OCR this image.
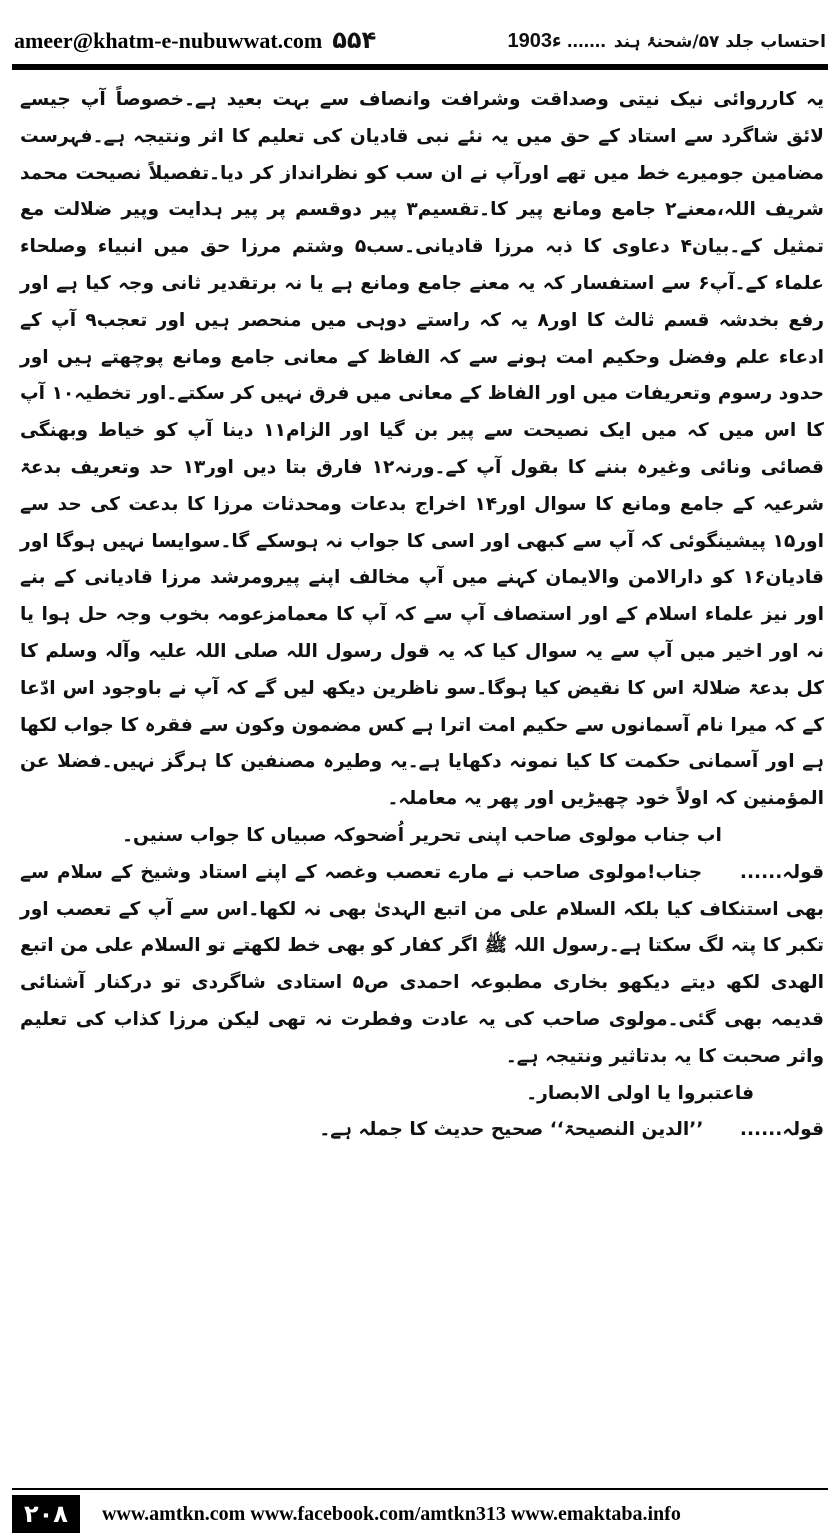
ameer@khatm-e-nubuwwat.com ۵۵۴	احتساب جلد ۵۷/شحنۂ ہند
1903ء .......

یہ کارروائی نیک نیتی وصداقت وشرافت وانصاف سے بہت بعید ہے۔خصوصاً آپ جیسے لائق شاگرد سے استاد کے حق میں یہ نئے نبی قادیان کی تعلیم کا اثر ونتیجہ ہے۔فہرست مضامین جومیرے خط میں تھے اورآپ نے ان سب کو نظرانداز کر دیا۔تفصیلاً نصیحت محمد شریف اللہ،معنے۲ جامع ومانع پیر کا۔تقسیم۳ پیر دوقسم پر پیر ہدایت وپیر ضلالت مع تمثیل کے۔بیان۴ دعاوی کا ذبہ مرزا قادیانی۔سب۵ وشتم مرزا حق میں انبیاء وصلحاء علماء کے۔آپ۶ سے استفسار کہ یہ معنے جامع ومانع ہے یا نہ برتقدیر ثانی وجہ کیا ہے اور رفع بخدشہ قسم ثالث کا اور۸ یہ کہ راستے دوہی میں منحصر ہیں اور تعجب۹ آپ کے ادعاء علم وفضل وحکیم امت ہونے سے کہ الفاظ کے معانی جامع ومانع پوچھتے ہیں اور حدود رسوم وتعریفات میں اور الفاظ کے معانی میں فرق نہیں کر سکتے۔اور تخطیہ۱۰ آپ کا اس میں کہ میں ایک نصیحت سے پیر بن گیا اور الزام۱۱ دینا آپ کو خیاط وبھنگی قصائی ونائی وغیرہ بننے کا بقول آپ کے۔ورنہ۱۲ فارق بتا دیں اور۱۳ حد وتعریف بدعۃ شرعیہ کے جامع ومانع کا سوال اور۱۴ اخراج بدعات ومحدثات مرزا کا بدعت کی حد سے اور۱۵ پیشینگوئی کہ آپ سے کبھی اور اسی کا جواب نہ ہوسکے گا۔سوایسا نہیں ہوگا اور قادیان۱۶ کو دارالامن والایمان کہنے میں آپ مخالف اپنے پیرومرشد مرزا قادیانی کے بنے اور نیز علماء اسلام کے اور استصاف آپ سے کہ آپ کا معمامزعومہ بخوب وجہ حل ہوا یا نہ اور اخیر میں آپ سے یہ سوال کیا کہ یہ قول رسول اللہ صلی اللہ علیہ وآلہ وسلم کا کل بدعۃ ضلالۃ اس کا نقیض کیا ہوگا۔سو ناظرین دیکھ لیں گے کہ آپ نے باوجود اس ادّعا کے کہ میرا نام آسمانوں سے حکیم امت اترا ہے کس مضمون وکون سے فقرہ کا جواب لکھا ہے اور آسمانی حکمت کا کیا نمونہ دکھایا ہے۔یہ وطیرہ مصنفین کا ہرگز نہیں۔فضلا عن المؤمنین کہ اولاً خود چھیڑیں اور پھر یہ معاملہ۔

اب جناب مولوی صاحب اپنی تحریر اُضحوکہ صبیاں کا جواب سنیں۔

قولہ...... جناب!مولوی صاحب نے مارے تعصب وغصہ کے اپنے استاد وشیخ کے سلام سے بھی استنکاف کیا بلکہ السلام علی من اتبع الہدیٰ بھی نہ لکھا۔اس سے آپ کے تعصب اور تکبر کا پتہ لگ سکتا ہے۔رسول اللہ ﷺ اگر کفار کو بھی خط لکھتے تو السلام علی من اتبع الھدی لکھ دیتے دیکھو بخاری مطبوعہ احمدی ص۵ استادی شاگردی تو درکنار آشنائی قدیمہ بھی گئی۔مولوی صاحب کی یہ عادت وفطرت نہ تھی لیکن مرزا کذاب کی تعلیم واثر صحبت کا یہ بدتاثیر ونتیجہ ہے۔

فاعتبروا یا اولی الابصار۔

قولہ...... ’’الدین النصیحۃ‘‘ صحیح حدیث کا جملہ ہے۔

۲۰۸	www.amtkn.com www.facebook.com/amtkn313 www.emaktaba.info
